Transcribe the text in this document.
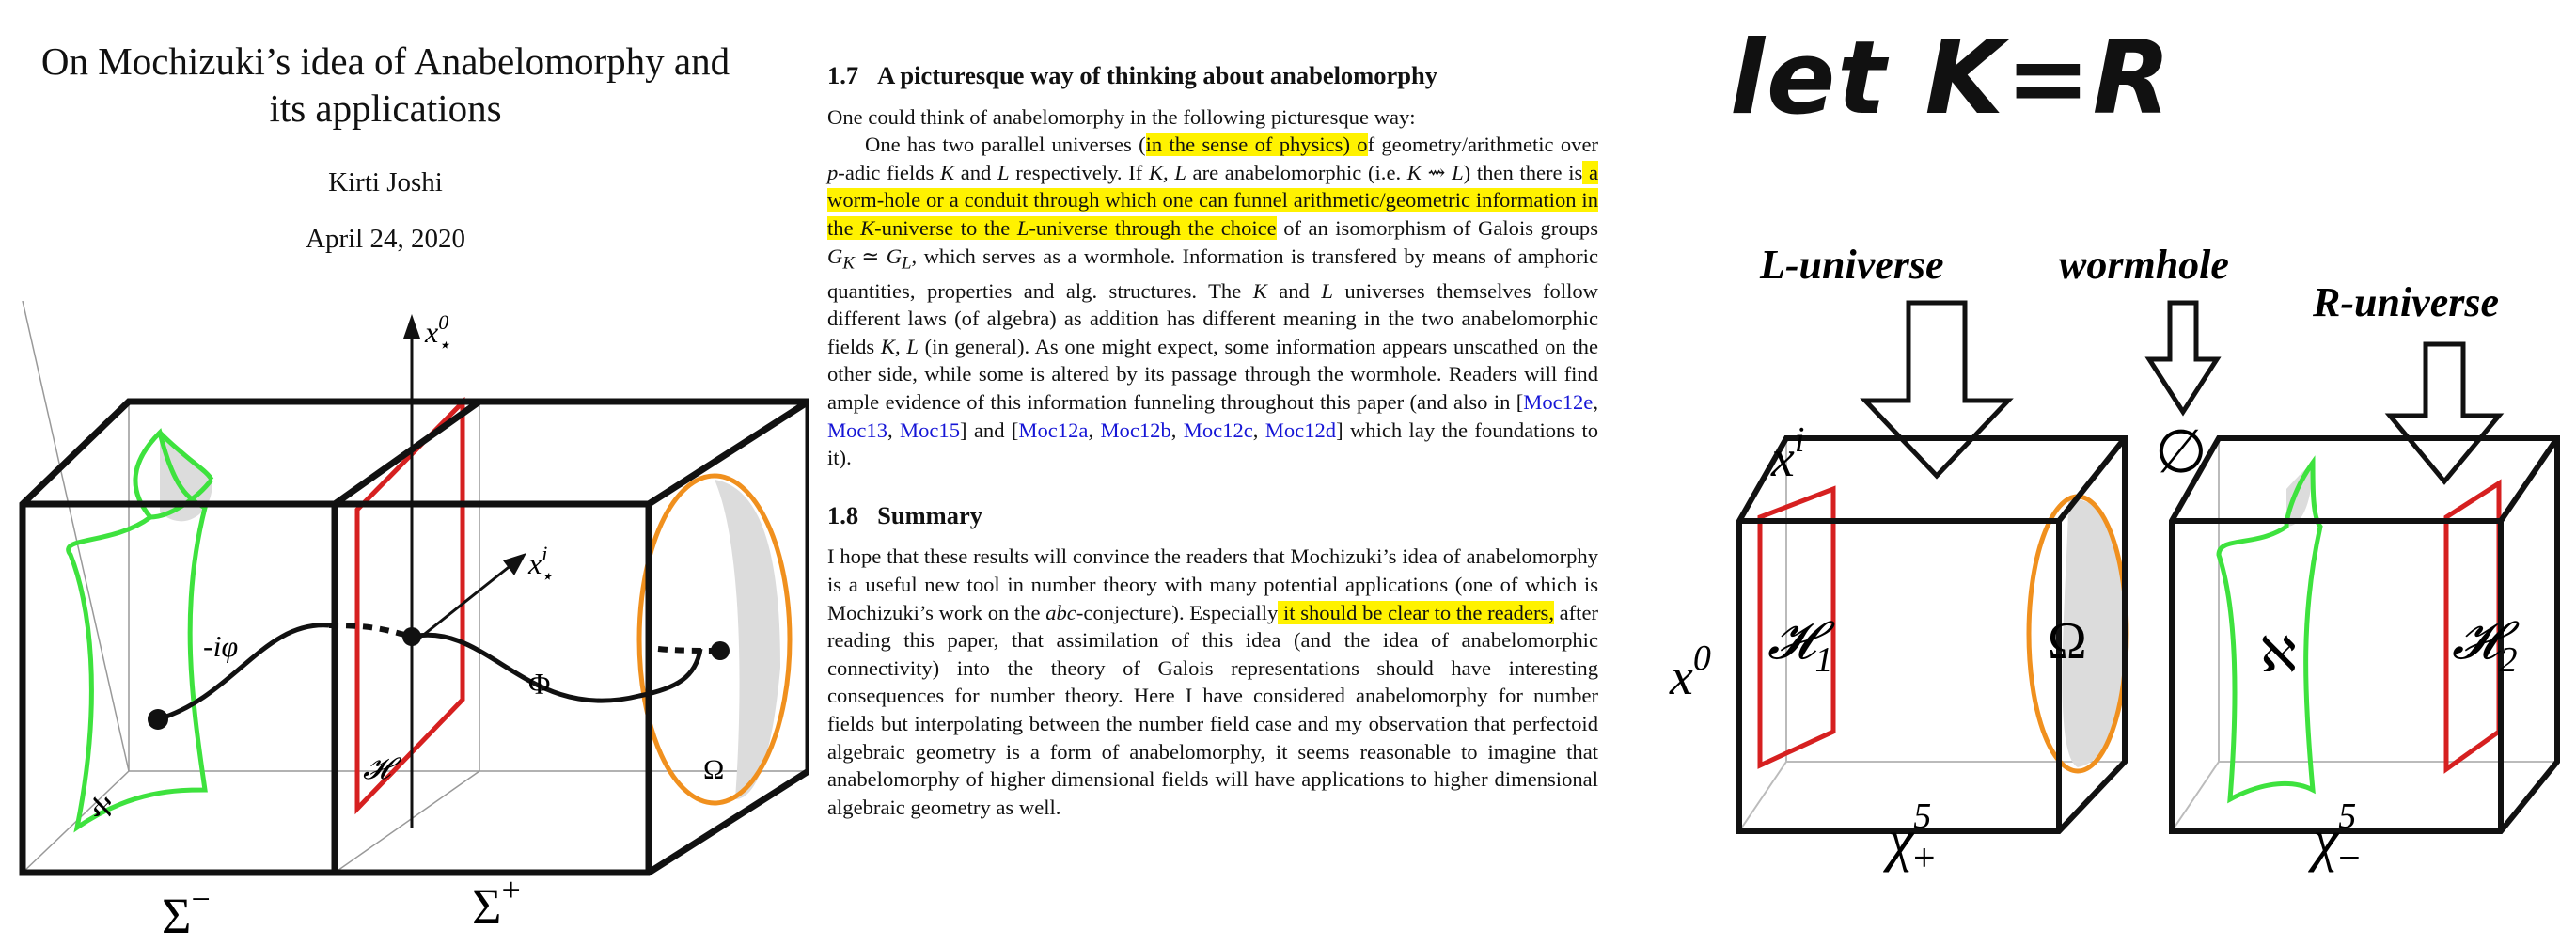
On Mochizuki’s idea of Anabelomorphy and
its applications
Kirti Joshi
April 24, 2020
$x^0$ ⋆
$x^i$ ⋆
-iφ
Φ
𝓗	Ω
ℵ
Σ−	Σ+
1.7 A picturesque way of thinking about anabelomorphy

One could think of anabelomorphy in the following picturesque way:

One has two parallel universes (in the sense of physics) of geometry/arithmetic over p-adic fields K and L respectively. If K, L are anabelomorphic (i.e. K ⇝ L) then there is a worm-hole or a conduit through which one can funnel arithmetic/geometric information in the K-universe to the L-universe through the choice of an isomorphism of Galois groups $G_K$ ≃ $G_L$, which serves as a wormhole. Information is transfered by means of amphoric quantities, properties and alg. structures. The K and L universes themselves follow different laws (of algebra) as addition has different meaning in the two anabelomorphic fields K, L (in general). As one might expect, some information appears unscathed on the other side, while some is altered by its passage through the wormhole. Readers will find ample evidence of this information funneling throughout this paper (and also in [Moc12e, Moc13, Moc15] and [Moc12a, Moc12b, Moc12c, Moc12d] which lay the foundations to it).

1.8 Summary

I hope that these results will convince the readers that Mochizuki’s idea of anabelomorphy is a useful new tool in number theory with many potential applications (one of which is Mochizuki’s work on the abc-conjecture). Especially it should be clear to the readers, after reading this paper, that assimilation of this idea (and the idea of anabelomorphic connectivity) into the theory of Galois representations should have interesting consequences for number theory. Here I have considered anabelomorphy for number fields but interpolating between the number field case and my observation that perfectoid algebraic geometry is a form of anabelomorphy, it seems reasonable to imagine that anabelomorphy of higher dimensional fields will have applications to higher dimensional algebraic geometry as well.

let K=R
L-universe	wormhole
R-universe
∅
$x^i$
$x^0$ 𝓗$_1$	Ω
$\chi^5$ +
ℵ	𝓗$_2$
$\chi^5$ −
